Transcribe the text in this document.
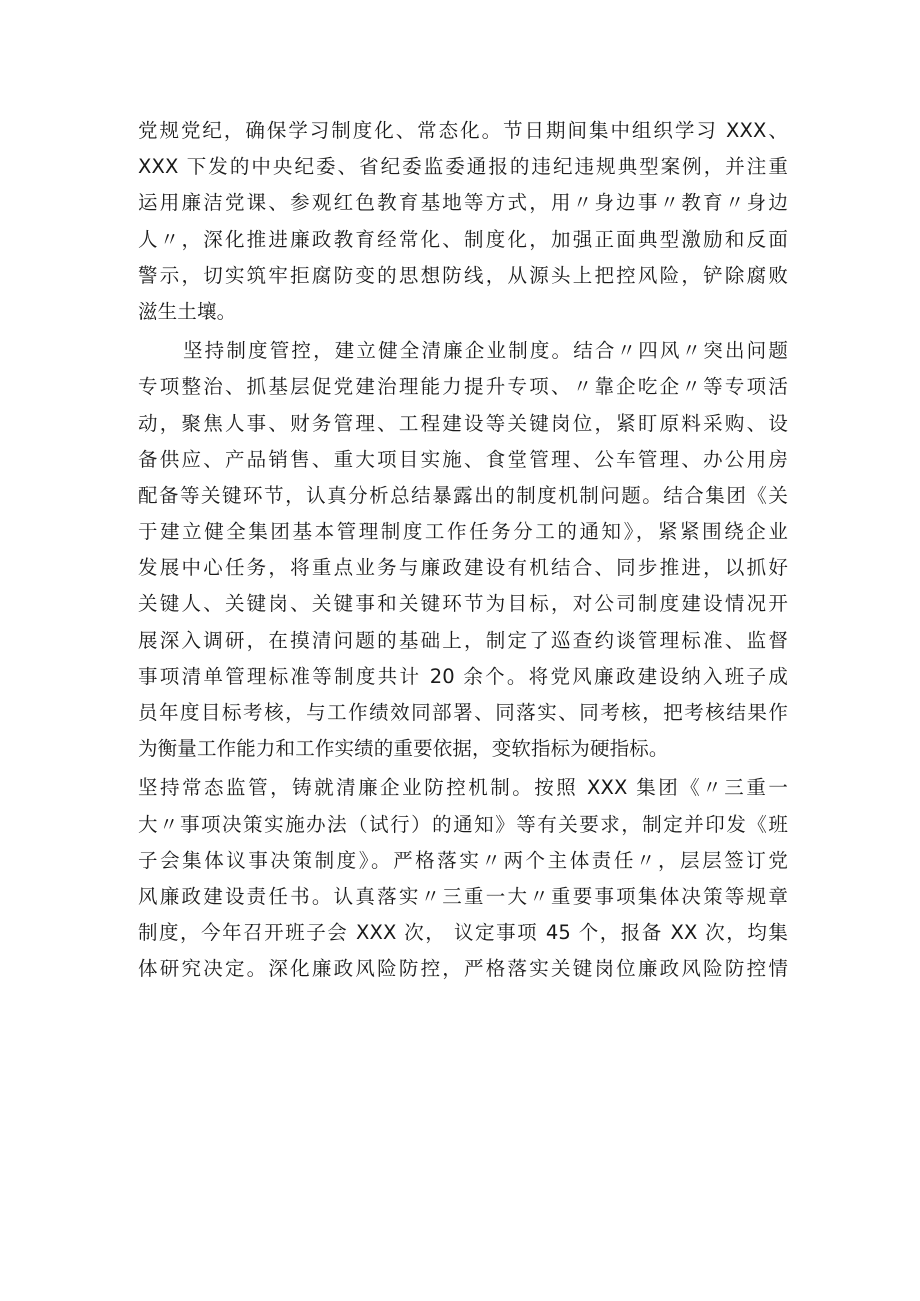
党规党纪，确保学习制度化、常态化。节日期间集中组织学习 XXX、
XXX 下发的中央纪委、省纪委监委通报的违纪违规典型案例，并注重
运用廉洁党课、参观红色教育基地等方式，用〃身边事〃教育〃身边
人〃，深化推进廉政教育经常化、制度化，加强正面典型激励和反面
警示，切实筑牢拒腐防变的思想防线，从源头上把控风险，铲除腐败
滋生土壤。
坚持制度管控，建立健全清廉企业制度。结合〃四风〃突出问题
专项整治、抓基层促党建治理能力提升专项、〃靠企吃企〃等专项活
动，聚焦人事、财务管理、工程建设等关键岗位，紧盯原料采购、设
备供应、产品销售、重大项目实施、食堂管理、公车管理、办公用房
配备等关键环节，认真分析总结暴露出的制度机制问题。结合集团《关
于建立健全集团基本管理制度工作任务分工的通知》，紧紧围绕企业
发展中心任务，将重点业务与廉政建设有机结合、同步推进，以抓好
关键人、关键岗、关键事和关键环节为目标，对公司制度建设情况开
展深入调研，在摸清问题的基础上，制定了巡查约谈管理标准、监督
事项清单管理标准等制度共计 20 余个。将党风廉政建设纳入班子成
员年度目标考核，与工作绩效同部署、同落实、同考核，把考核结果作
为衡量工作能力和工作实绩的重要依据，变软指标为硬指标。
坚持常态监管，铸就清廉企业防控机制。按照 XXX 集团《〃三重一
大〃事项决策实施办法（试行）的通知》等有关要求，制定并印发《班
子会集体议事决策制度》。严格落实〃两个主体责任〃，层层签订党
风廉政建设责任书。认真落实〃三重一大〃重要事项集体决策等规章
制度，今年召开班子会 XXX 次， 议定事项 45 个，报备 XX 次，均集
体研究决定。深化廉政风险防控，严格落实关键岗位廉政风险防控情
